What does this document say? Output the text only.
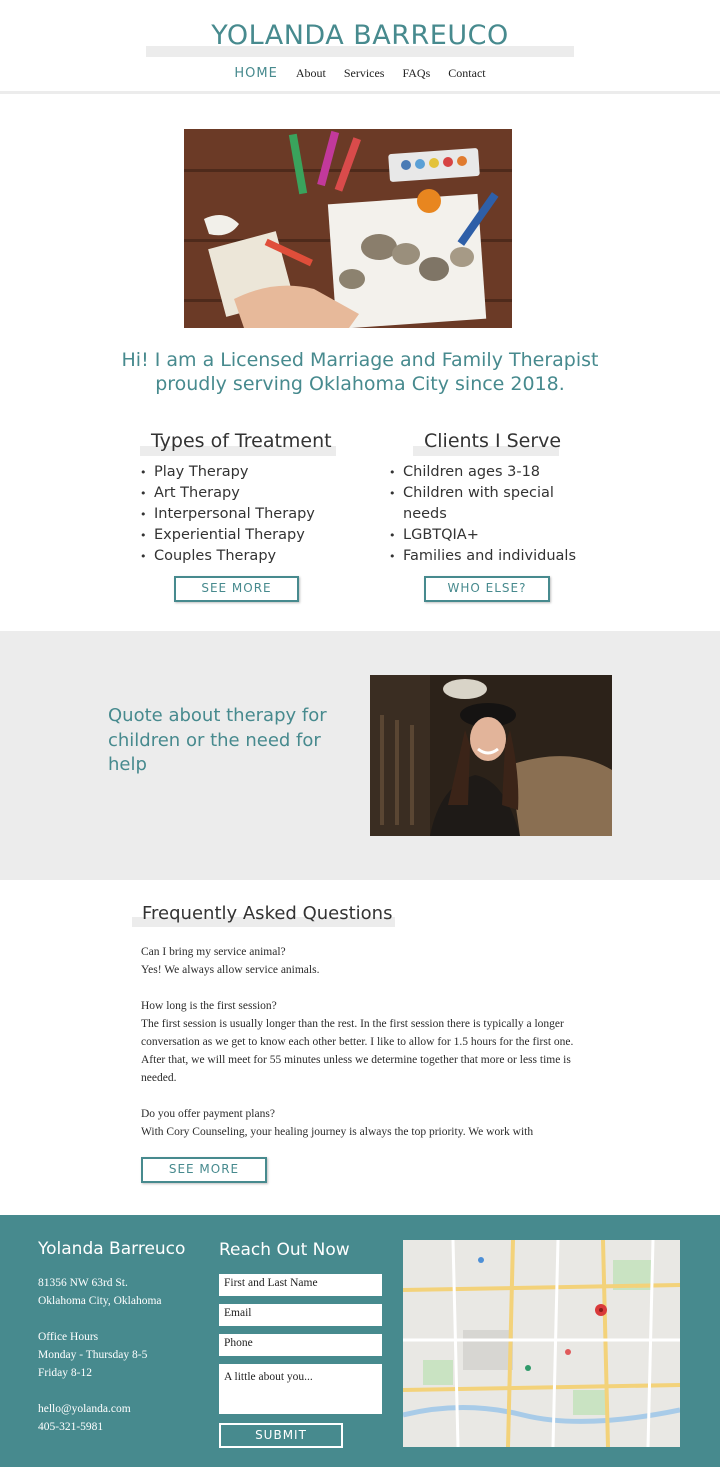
YOLANDA BARREUCO
HOME About Services FAQs Contact
Hi! I am a Licensed Marriage and Family Therapist proudly serving Oklahoma City since 2018.
Types of Treatment
• Play Therapy
• Art Therapy
• Interpersonal Therapy
• Experiential Therapy
• Couples Therapy
SEE MORE
Clients I Serve
• Children ages 3-18
• Children with special needs
• LGBTQIA+
• Families and individuals
WHO ELSE?
Quote about therapy for children or the need for help
Frequently Asked Questions

Can I bring my service animal?
Yes! We always allow service animals.

How long is the first session?
The first session is usually longer than the rest. In the first session there is typically a longer conversation as we get to know each other better. I like to allow for 1.5 hours for the first one. After that, we will meet for 55 minutes unless we determine together that more or less time is needed.

Do you offer payment plans?
With Cory Counseling, your healing journey is always the top priority. We work with

SEE MORE
Yolanda Barreuco
81356 NW 63rd St.
Oklahoma City, Oklahoma
Office Hours
Monday - Thursday 8-5
Friday 8-12
hello@yolanda.com
405-321-5981
Reach Out Now
First and Last Name
Email
Phone
A little about you...
SUBMIT
